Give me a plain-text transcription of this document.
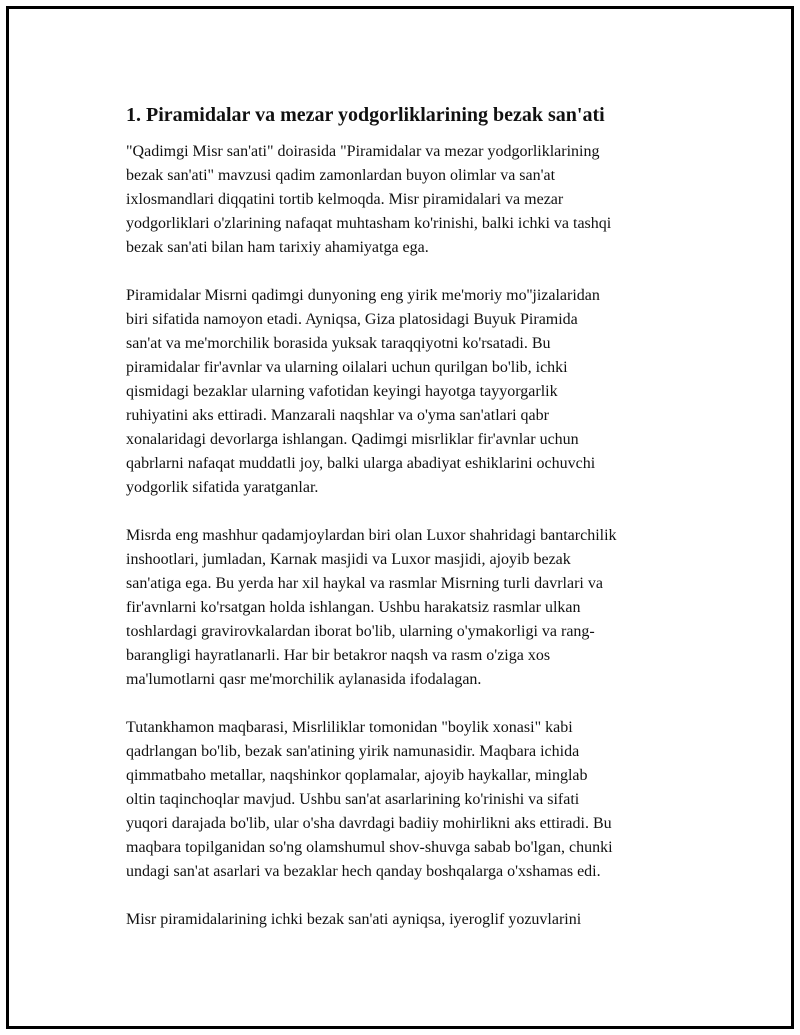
1. Piramidalar va mezar yodgorliklarining bezak san'ati

"Qadimgi Misr san'ati" doirasida "Piramidalar va mezar yodgorliklarining
bezak san'ati" mavzusi qadim zamonlardan buyon olimlar va san'at
ixlosmandlari diqqatini tortib kelmoqda. Misr piramidalari va mezar
yodgorliklari o'zlarining nafaqat muhtasham ko'rinishi, balki ichki va tashqi
bezak san'ati bilan ham tarixiy ahamiyatga ega.

Piramidalar Misrni qadimgi dunyoning eng yirik me'moriy mo''jizalaridan
biri sifatida namoyon etadi. Ayniqsa, Giza platosidagi Buyuk Piramida
san'at va me'morchilik borasida yuksak taraqqiyotni ko'rsatadi. Bu
piramidalar fir'avnlar va ularning oilalari uchun qurilgan bo'lib, ichki
qismidagi bezaklar ularning vafotidan keyingi hayotga tayyorgarlik
ruhiyatini aks ettiradi. Manzarali naqshlar va o'yma san'atlari qabr
xonalaridagi devorlarga ishlangan. Qadimgi misrliklar fir'avnlar uchun
qabrlarni nafaqat muddatli joy, balki ularga abadiyat eshiklarini ochuvchi
yodgorlik sifatida yaratganlar.

Misrda eng mashhur qadamjoylardan biri olan Luxor shahridagi bantarchilik
inshootlari, jumladan, Karnak masjidi va Luxor masjidi, ajoyib bezak
san'atiga ega. Bu yerda har xil haykal va rasmlar Misrning turli davrlari va
fir'avnlarni ko'rsatgan holda ishlangan. Ushbu harakatsiz rasmlar ulkan
toshlardagi gravirovkalardan iborat bo'lib, ularning o'ymakorligi va rang-
barangligi hayratlanarli. Har bir betakror naqsh va rasm o'ziga xos
ma'lumotlarni qasr me'morchilik aylanasida ifodalagan.

Tutankhamon maqbarasi, Misrliliklar tomonidan "boylik xonasi" kabi
qadrlangan bo'lib, bezak san'atining yirik namunasidir. Maqbara ichida
qimmatbaho metallar, naqshinkor qoplamalar, ajoyib haykallar, minglab
oltin taqinchoqlar mavjud. Ushbu san'at asarlarining ko'rinishi va sifati
yuqori darajada bo'lib, ular o'sha davrdagi badiiy mohirlikni aks ettiradi. Bu
maqbara topilganidan so'ng olamshumul shov-shuvga sabab bo'lgan, chunki
undagi san'at asarlari va bezaklar hech qanday boshqalarga o'xshamas edi.

Misr piramidalarining ichki bezak san'ati ayniqsa, iyeroglif yozuvlarini
